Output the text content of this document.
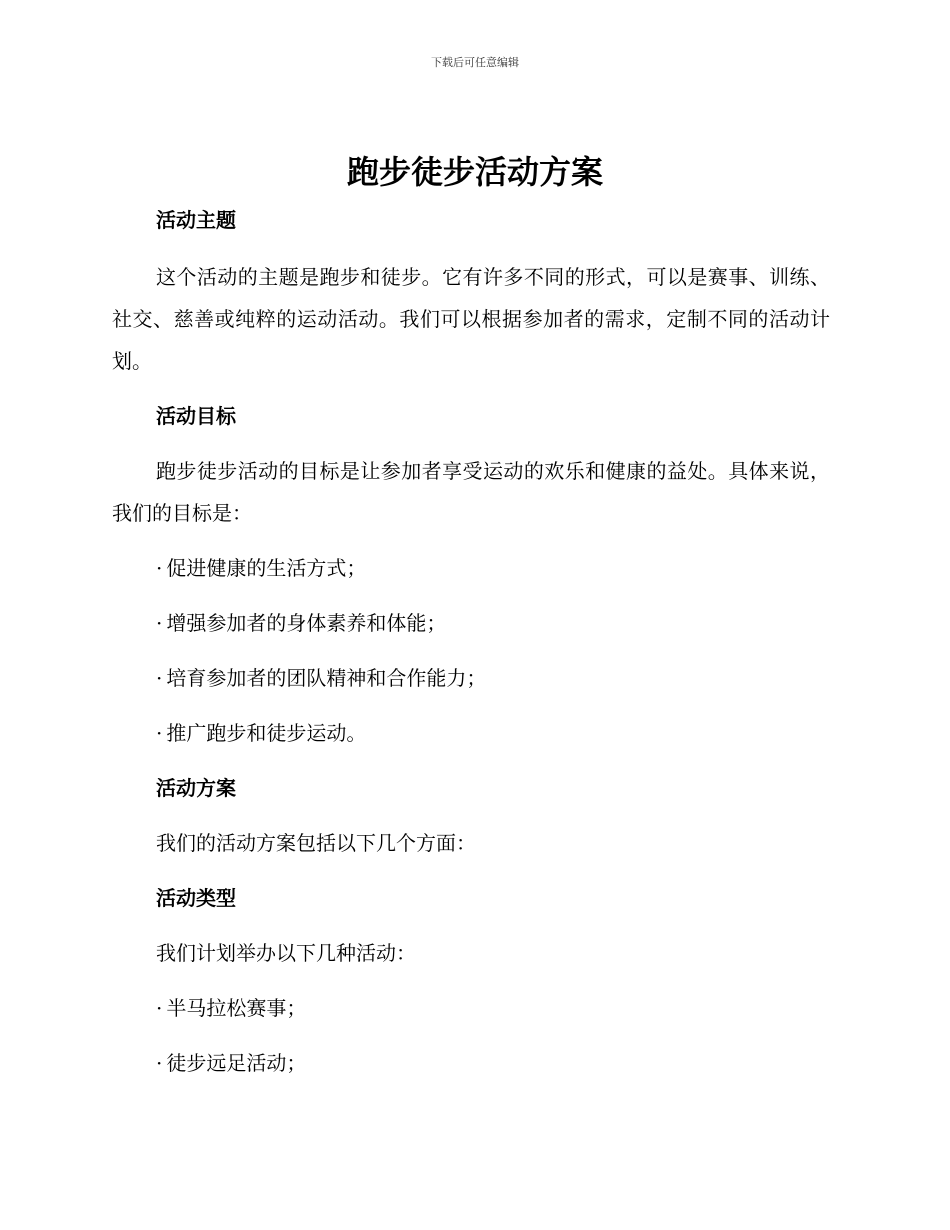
下载后可任意编辑
跑步徒步活动方案

活动主题

这个活动的主题是跑步和徒步。它有许多不同的形式，可以是赛事、训练、社交、慈善或纯粹的运动活动。我们可以根据参加者的需求，定制不同的活动计划。

活动目标

跑步徒步活动的目标是让参加者享受运动的欢乐和健康的益处。具体来说，我们的目标是：

· 促进健康的生活方式；

· 增强参加者的身体素养和体能；

· 培育参加者的团队精神和合作能力；

· 推广跑步和徒步运动。

活动方案

我们的活动方案包括以下几个方面：

活动类型

我们计划举办以下几种活动：

· 半马拉松赛事；

· 徒步远足活动；
